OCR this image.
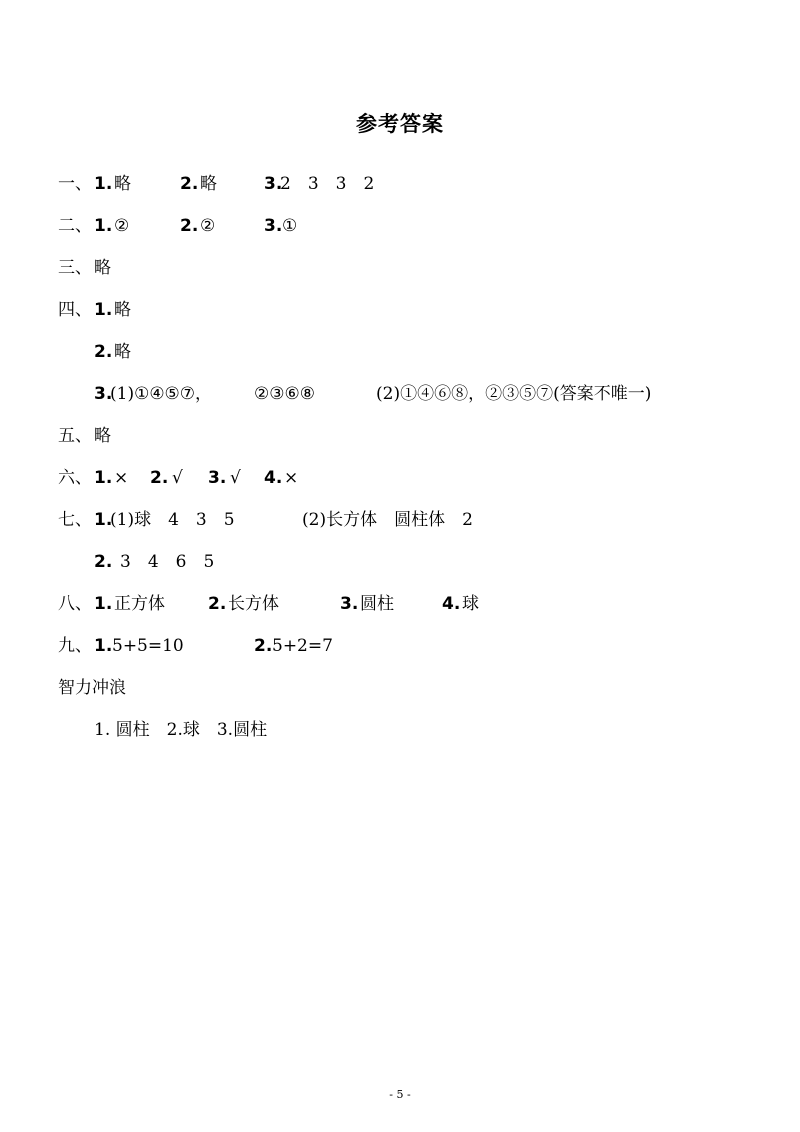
参考答案
一、 1. 略	2. 略	3.
2　3　3　2
二、 1. ②	2. ②	3. ①
三、 略
四、 1. 略
2. 略
3.
(1)①④⑤⑦， ②③⑥⑧	(2)①④⑥⑧，②③⑤⑦(答案不唯一)
五、 略
六、 1. × 2. √ 3. √ 4. ×
七、 1.
(1)球　4　3　5	(2)长方体　圆柱体　2
2. 3　4　6　5
八、 1. 正方体	2. 长方体	3. 圆柱	4. 球
九、 1. 5+5=10	2. 5+2=7
智力冲浪
1. 圆柱　2.球　3.圆柱
- 5 -
